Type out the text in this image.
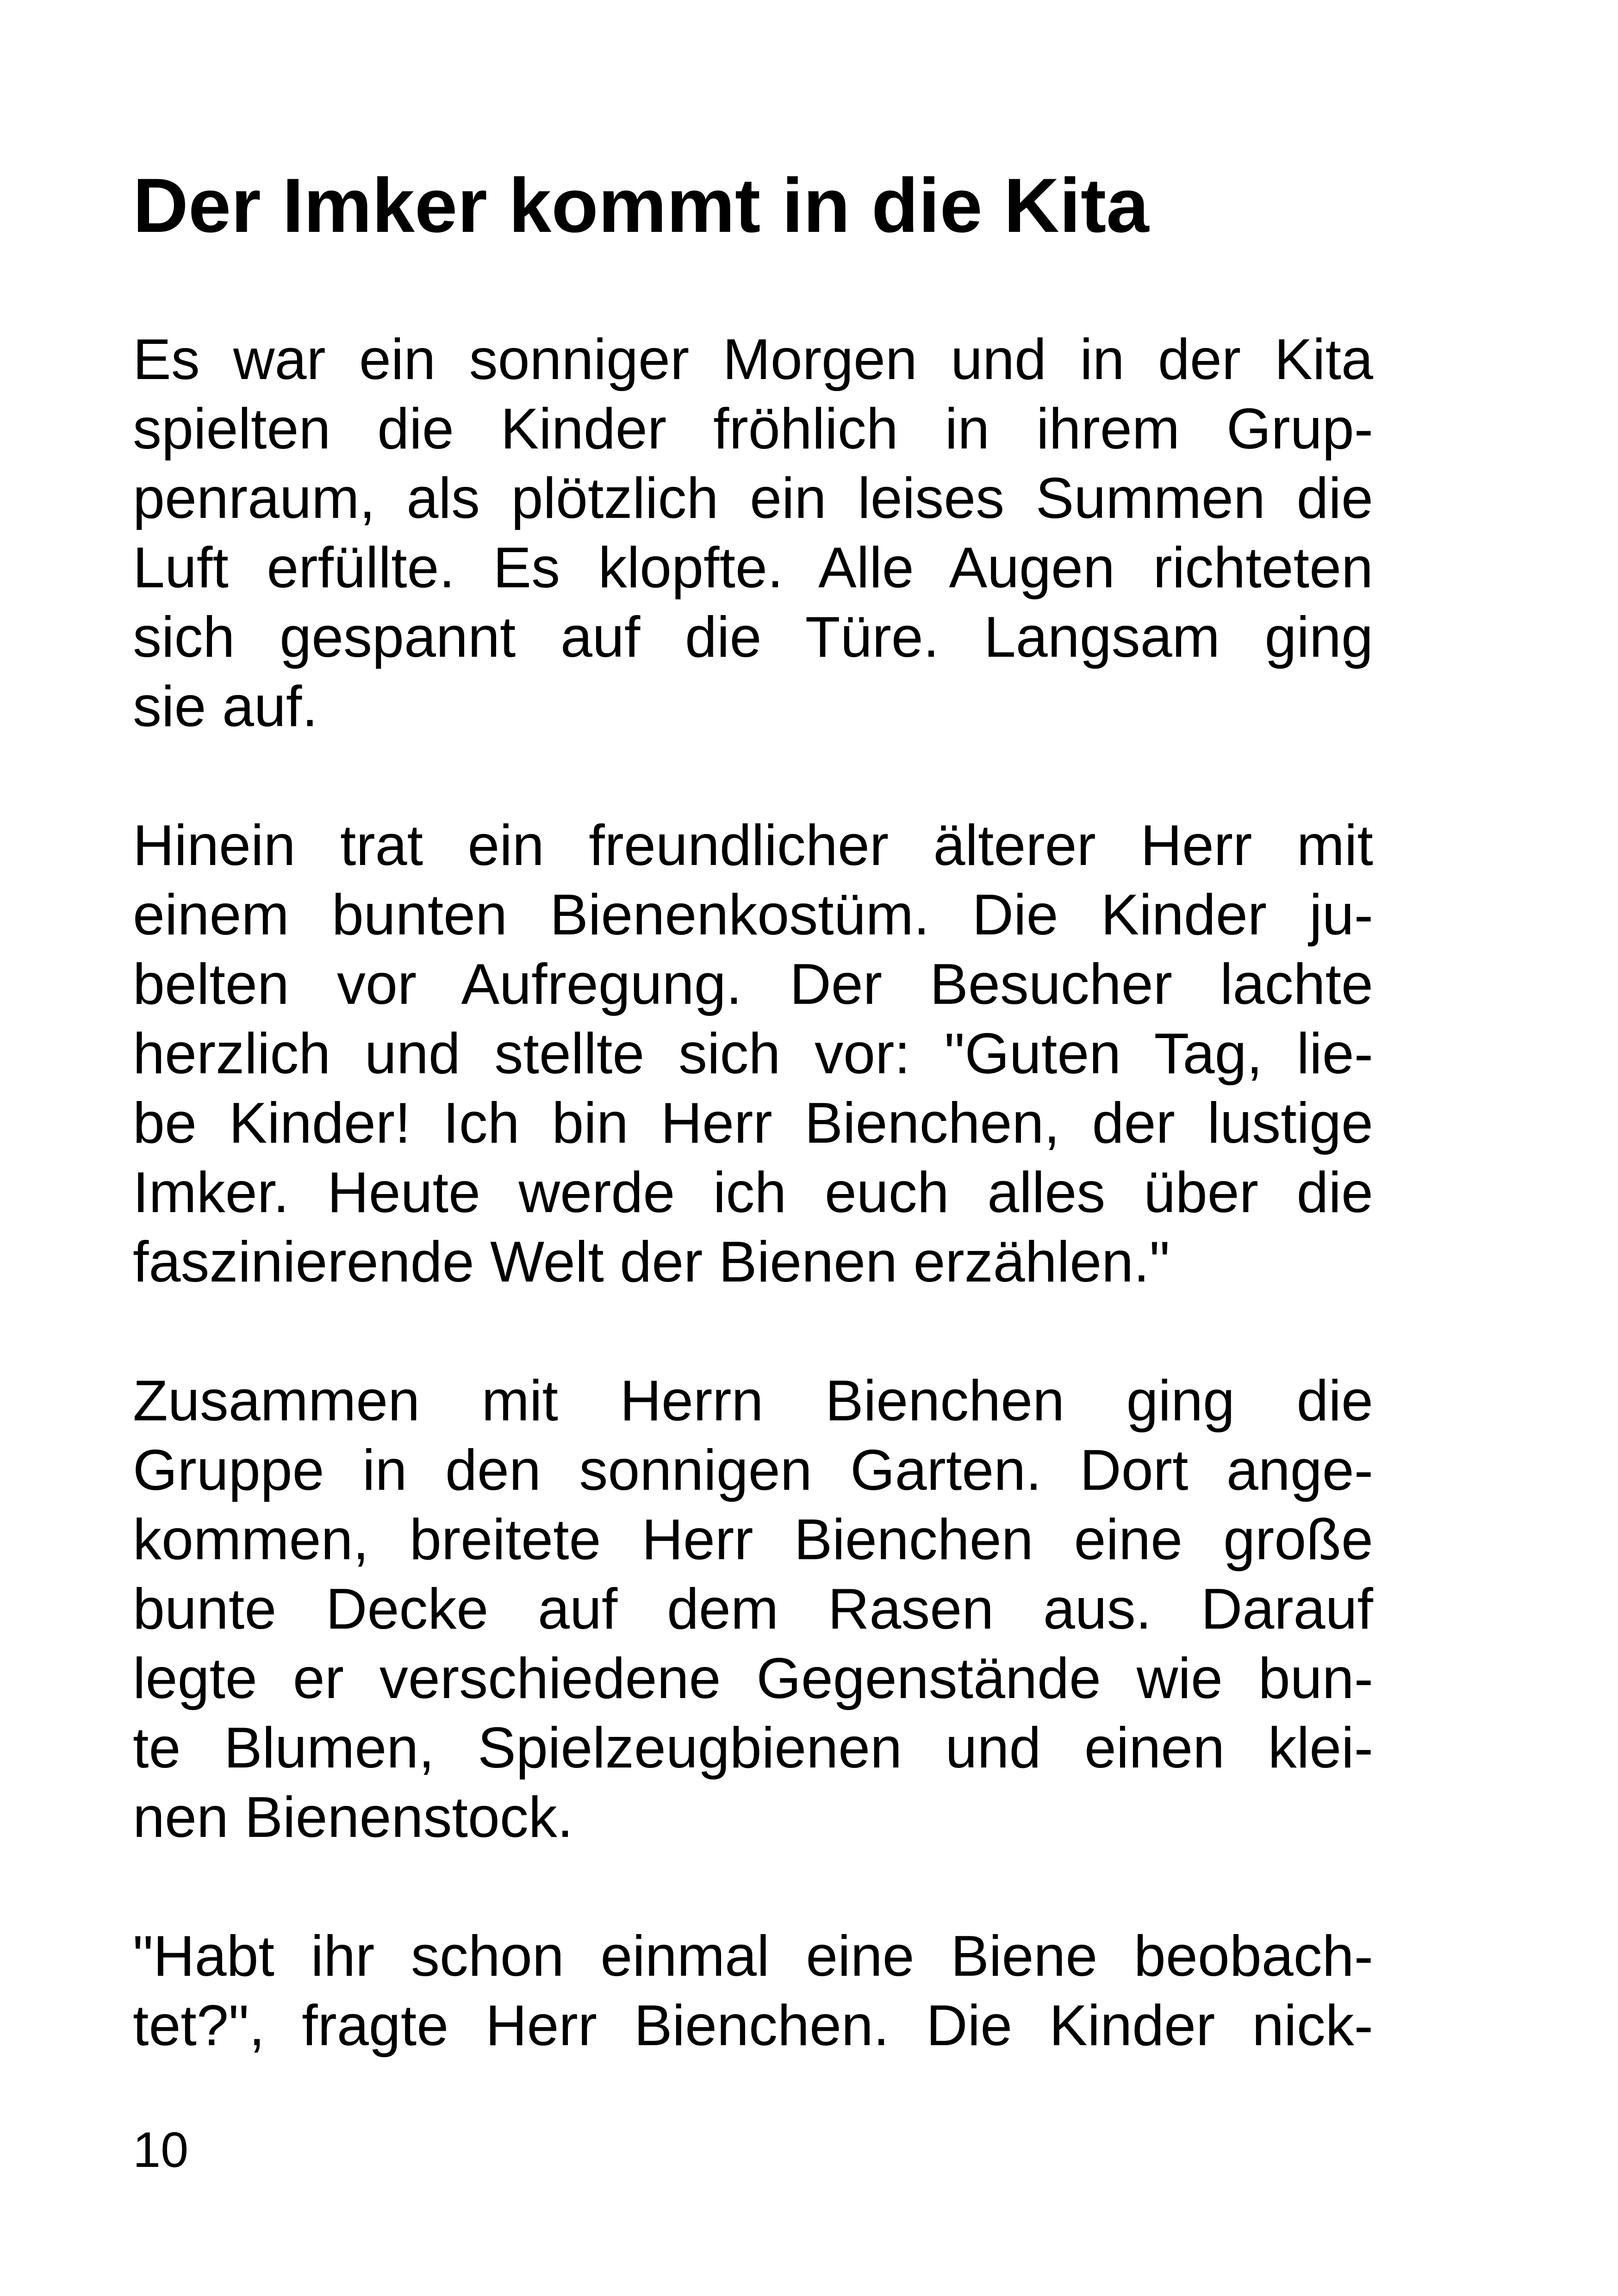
Der Imker kommt in die Kita
Es war ein sonniger Morgen und in der Kita
spielten die Kinder fröhlich in ihrem Grup-
penraum, als plötzlich ein leises Summen die
Luft erfüllte. Es klopfte. Alle Augen richteten
sich gespannt auf die Türe. Langsam ging
sie auf.
Hinein trat ein freundlicher älterer Herr mit
einem bunten Bienenkostüm. Die Kinder ju-
belten vor Aufregung. Der Besucher lachte
herzlich und stellte sich vor: "Guten Tag, lie-
be Kinder! Ich bin Herr Bienchen, der lustige
Imker. Heute werde ich euch alles über die
faszinierende Welt der Bienen erzählen."
Zusammen mit Herrn Bienchen ging die
Gruppe in den sonnigen Garten. Dort ange-
kommen, breitete Herr Bienchen eine große
bunte Decke auf dem Rasen aus. Darauf
legte er verschiedene Gegenstände wie bun-
te Blumen, Spielzeugbienen und einen klei-
nen Bienenstock.
"Habt ihr schon einmal eine Biene beobach-
tet?", fragte Herr Bienchen. Die Kinder nick-
10
